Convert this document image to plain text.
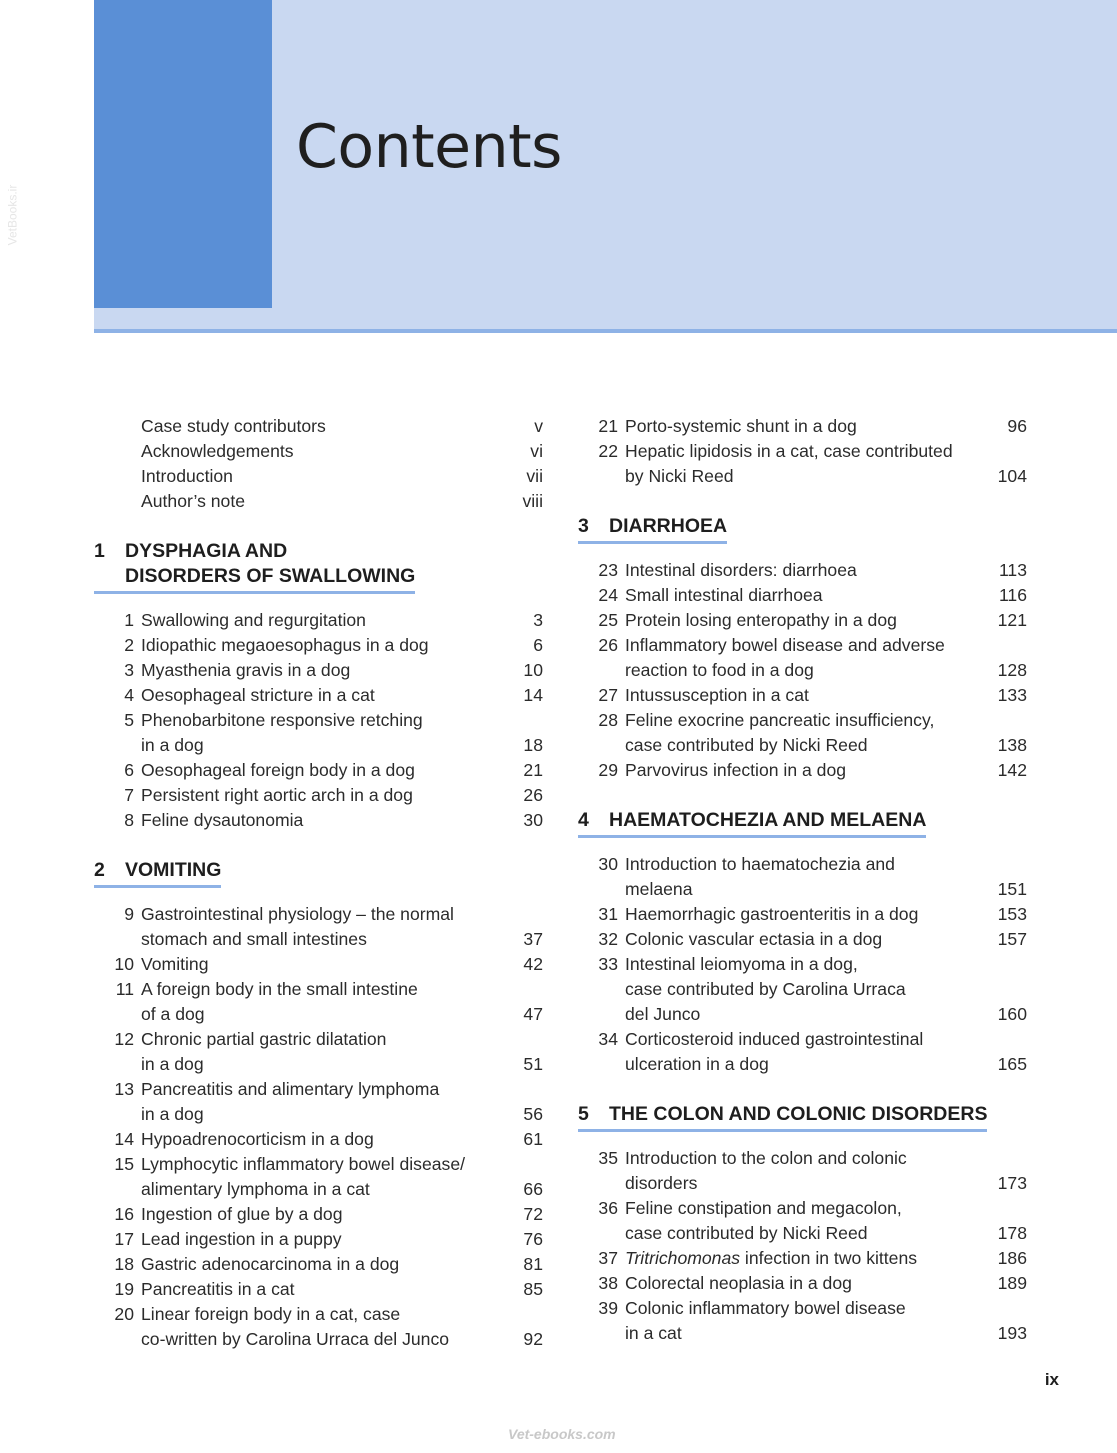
Contents
VetBooks.ir
Case study contributors	v
Acknowledgements	vi
Introduction	vii
Author’s note	viii
1	DYSPHAGIA AND
DISORDERS OF SWALLOWING
1 Swallowing and regurgitation	3
2 Idiopathic megaoesophagus in a dog	6
3 Myasthenia gravis in a dog	10
4 Oesophageal stricture in a cat	14
5 Phenobarbitone responsive retching
in a dog	18
6 Oesophageal foreign body in a dog	21
7 Persistent right aortic arch in a dog	26
8 Feline dysautonomia	30
2	VOMITING
9 Gastrointestinal physiology – the normal
stomach and small intestines	37
10 Vomiting	42
11 A foreign body in the small intestine
of a dog	47
12 Chronic partial gastric dilatation
in a dog	51
13 Pancreatitis and alimentary lymphoma
in a dog	56
14 Hypoadrenocorticism in a dog	61
15 Lymphocytic inflammatory bowel disease/
alimentary lymphoma in a cat	66
16 Ingestion of glue by a dog	72
17 Lead ingestion in a puppy	76
18 Gastric adenocarcinoma in a dog	81
19 Pancreatitis in a cat	85
20 Linear foreign body in a cat, case
co-written by Carolina Urraca del Junco	92
21 Porto-systemic shunt in a dog	96
22 Hepatic lipidosis in a cat, case contributed
by Nicki Reed	104
3	DIARRHOEA
23 Intestinal disorders: diarrhoea	113
24 Small intestinal diarrhoea	116
25 Protein losing enteropathy in a dog	121
26 Inflammatory bowel disease and adverse
reaction to food in a dog	128
27 Intussusception in a cat	133
28 Feline exocrine pancreatic insufficiency,
case contributed by Nicki Reed	138
29 Parvovirus infection in a dog	142
4	HAEMATOCHEZIA AND MELAENA
30 Introduction to haematochezia and
melaena	151
31 Haemorrhagic gastroenteritis in a dog	153
32 Colonic vascular ectasia in a dog	157
33 Intestinal leiomyoma in a dog,
case contributed by Carolina Urraca
del Junco	160
34 Corticosteroid induced gastrointestinal
ulceration in a dog	165
5	THE COLON AND COLONIC DISORDERS
35 Introduction to the colon and colonic
disorders	173
36 Feline constipation and megacolon,
case contributed by Nicki Reed	178
37 Tritrichomonas infection in two kittens	186
38 Colorectal neoplasia in a dog	189
39 Colonic inflammatory bowel disease
in a cat	193
ix
Vet-ebooks.com
